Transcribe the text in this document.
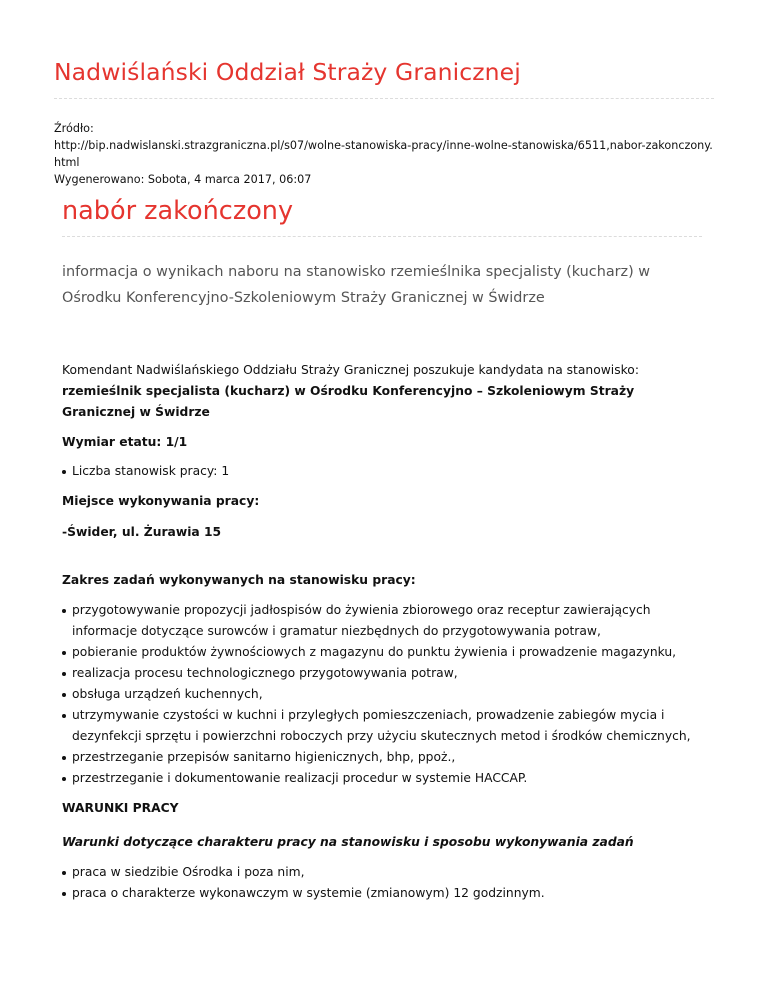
Nadwiślański Oddział Straży Granicznej
Źródło:
http://bip.nadwislanski.strazgraniczna.pl/s07/wolne-stanowiska-pracy/inne-wolne-stanowiska/6511,nabor-zakonczony.
html
Wygenerowano: Sobota, 4 marca 2017, 06:07
nabór zakończony
informacja o wynikach naboru na stanowisko rzemieślnika specjalisty (kucharz) w
Ośrodku Konferencyjno-Szkoleniowym Straży Granicznej w Świdrze

Komendant Nadwiślańskiego Oddziału Straży Granicznej poszukuje kandydata na stanowisko:

rzemieślnik specjalista (kucharz) w Ośrodku Konferencyjno – Szkoleniowym Straży

Granicznej w Świdrze

Wymiar etatu: 1/1

Liczba stanowisk pracy: 1

Miejsce wykonywania pracy:

-Świder, ul. Żurawia 15

Zakres zadań wykonywanych na stanowisku pracy:

przygotowywanie propozycji jadłospisów do żywienia zbiorowego oraz receptur zawierających
informacje dotyczące surowców i gramatur niezbędnych do przygotowywania potraw,
pobieranie produktów żywnościowych z magazynu do punktu żywienia i prowadzenie magazynku,
realizacja procesu technologicznego przygotowywania potraw,
obsługa urządzeń kuchennych,
utrzymywanie czystości w kuchni i przyległych pomieszczeniach, prowadzenie zabiegów mycia i
dezynfekcji sprzętu i powierzchni roboczych przy użyciu skutecznych metod i środków chemicznych,
przestrzeganie przepisów sanitarno higienicznych, bhp, ppoż.,
przestrzeganie i dokumentowanie realizacji procedur w systemie HACCAP.

WARUNKI PRACY

Warunki dotyczące charakteru pracy na stanowisku i sposobu wykonywania zadań

praca w siedzibie Ośrodka i poza nim,
praca o charakterze wykonawczym w systemie (zmianowym) 12 godzinnym.
